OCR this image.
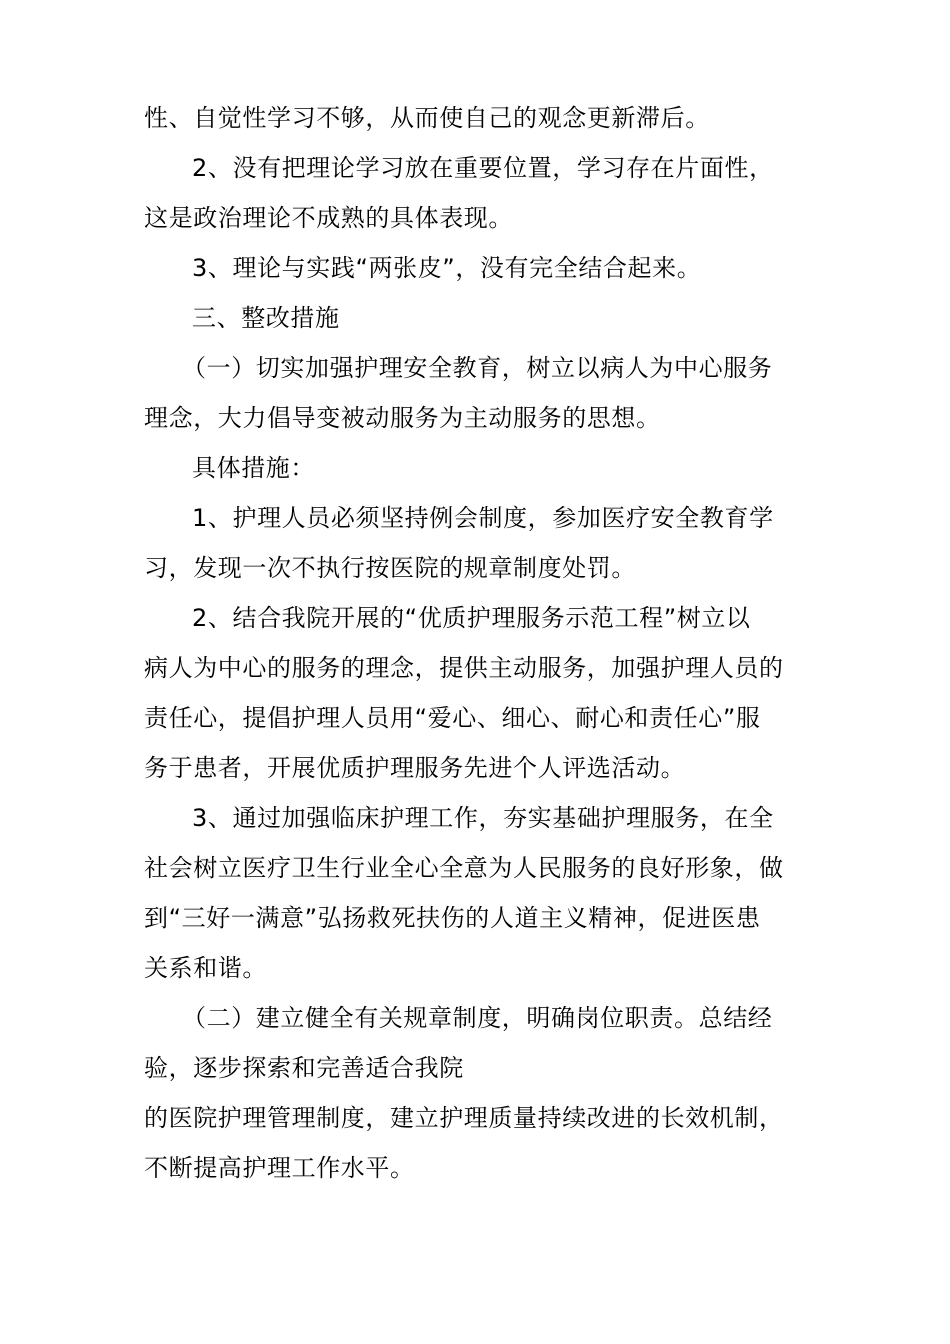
性、自觉性学习不够，从而使自己的观念更新滞后。
2、没有把理论学习放在重要位置，学习存在片面性，
这是政治理论不成熟的具体表现。
3、理论与实践“两张皮”，没有完全结合起来。
三、整改措施
（一）切实加强护理安全教育，树立以病人为中心服务
理念，大力倡导变被动服务为主动服务的思想。
具体措施：
1、护理人员必须坚持例会制度，参加医疗安全教育学
习，发现一次不执行按医院的规章制度处罚。
2、结合我院开展的“优质护理服务示范工程”树立以
病人为中心的服务的理念，提供主动服务，加强护理人员的
责任心，提倡护理人员用“爱心、细心、耐心和责任心”服
务于患者，开展优质护理服务先进个人评选活动。
3、通过加强临床护理工作，夯实基础护理服务，在全
社会树立医疗卫生行业全心全意为人民服务的良好形象，做
到“三好一满意”弘扬救死扶伤的人道主义精神，促进医患
关系和谐。
（二）建立健全有关规章制度，明确岗位职责。总结经
验，逐步探索和完善适合我院
的医院护理管理制度，建立护理质量持续改进的长效机制，
不断提高护理工作水平。
